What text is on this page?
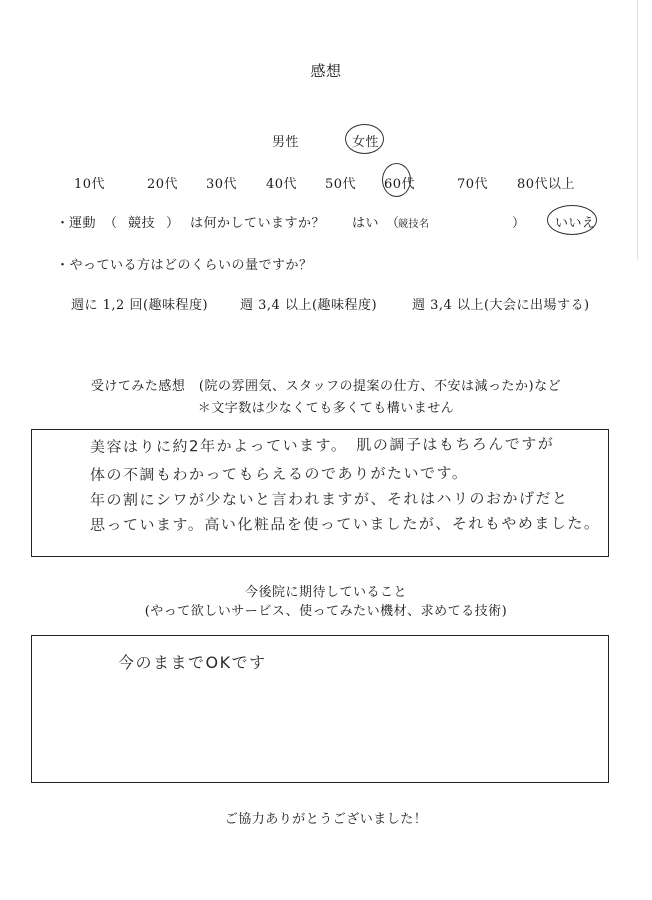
感想
男性	女性
10代	20代 30代 40代 50代 60代	70代 80代以上
・ 運動 （ 競技 ） は何かしていますか？ はい （
競技名	） いいえ
・やっている方はどのくらいの量ですか？
週に 1,2 回(趣味程度) 週 3,4 以上(趣味程度)	週 3,4 以上(大会に出場する)
受けてみた感想　(院の雰囲気、スタッフの提案の仕方、不安は減ったか)など
＊文字数は少なくても多くても構いません
美容はりに約2年かよっています。　肌の調子はもちろんですが
体の不調もわかってもらえるのでありがたいです。
年の割にシワが少ないと言われますが、それはハリのおかげだと
思っています。高い化粧品を使っていましたが、それもやめました。
今後院に期待していること
(やって欲しいサービス、使ってみたい機材、求めてる技術)
今のままでOKです
ご協力ありがとうございました！
